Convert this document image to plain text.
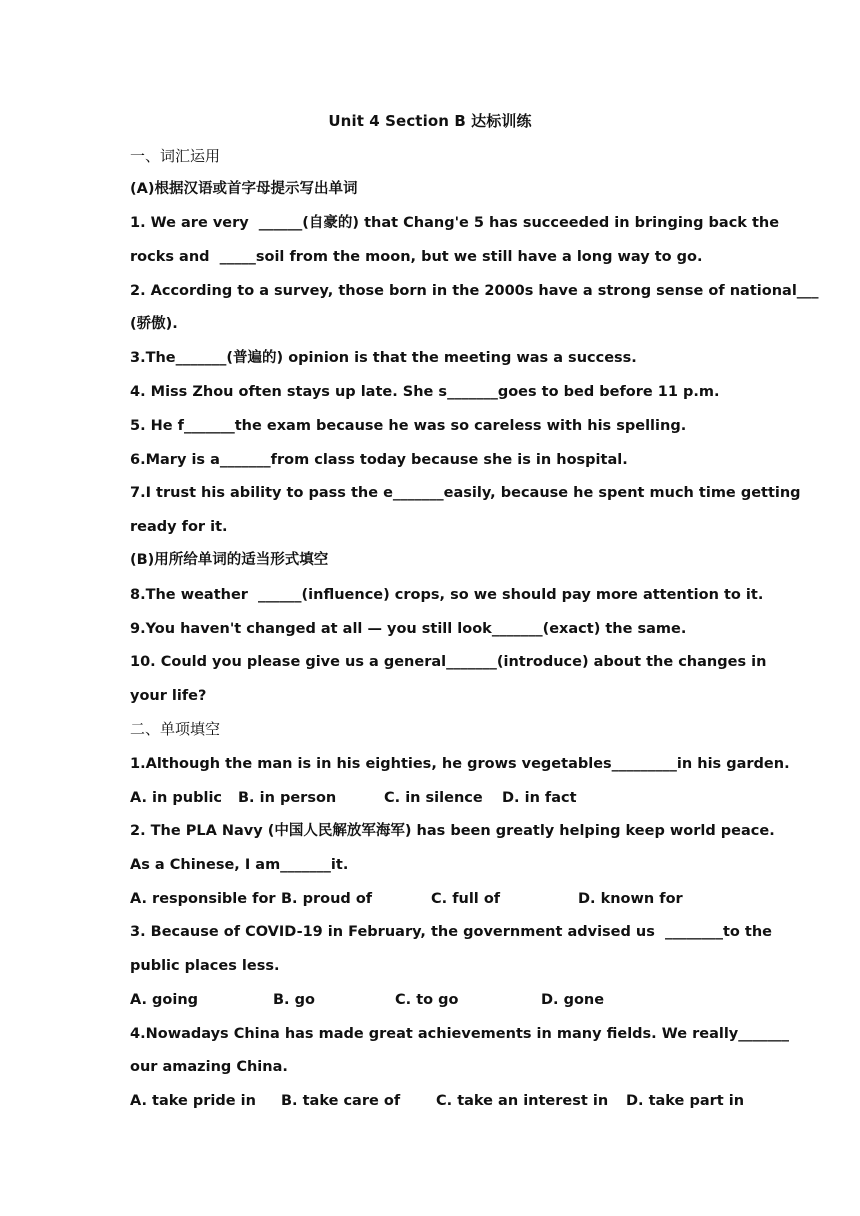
Unit 4 Section B 达标训练
一、词汇运用
(A)根据汉语或首字母提示写出单词
1. We are very  ______(自豪的) that Chang'e 5 has succeeded in bringing back the
rocks and  _____soil from the moon, but we still have a long way to go.
2. According to a survey, those born in the 2000s have a strong sense of national___
(骄傲).
3.The_______(普遍的) opinion is that the meeting was a success.
4. Miss Zhou often stays up late. She s_______goes to bed before 11 p.m.
5. He f_______the exam because he was so careless with his spelling.
6.Mary is a_______from class today because she is in hospital.
7.I trust his ability to pass the e_______easily, because he spent much time getting
ready for it.
(B)用所给单词的适当形式填空
8.The weather  ______(influence) crops, so we should pay more attention to it.
9.You haven't changed at all — you still look_______(exact) the same.
10. Could you please give us a general_______(introduce) about the changes in
your life?
二、单项填空
1.Although the man is in his eighties, he grows vegetables_________in his garden.
A. in public B. in person	C. in silence D. in fact
2. The PLA Navy (中国人民解放军海军) has been greatly helping keep world peace.
As a Chinese, I am_______it.
A. responsible for B. proud of	C. full of	D. known for
3. Because of COVID-19 in February, the government advised us  ________to the
public places less.
A. going	B. go	C. to go	D. gone
4.Nowadays China has made great achievements in many fields. We really_______
our amazing China.
A. take pride in B. take care of C. take an interest in D. take part in
